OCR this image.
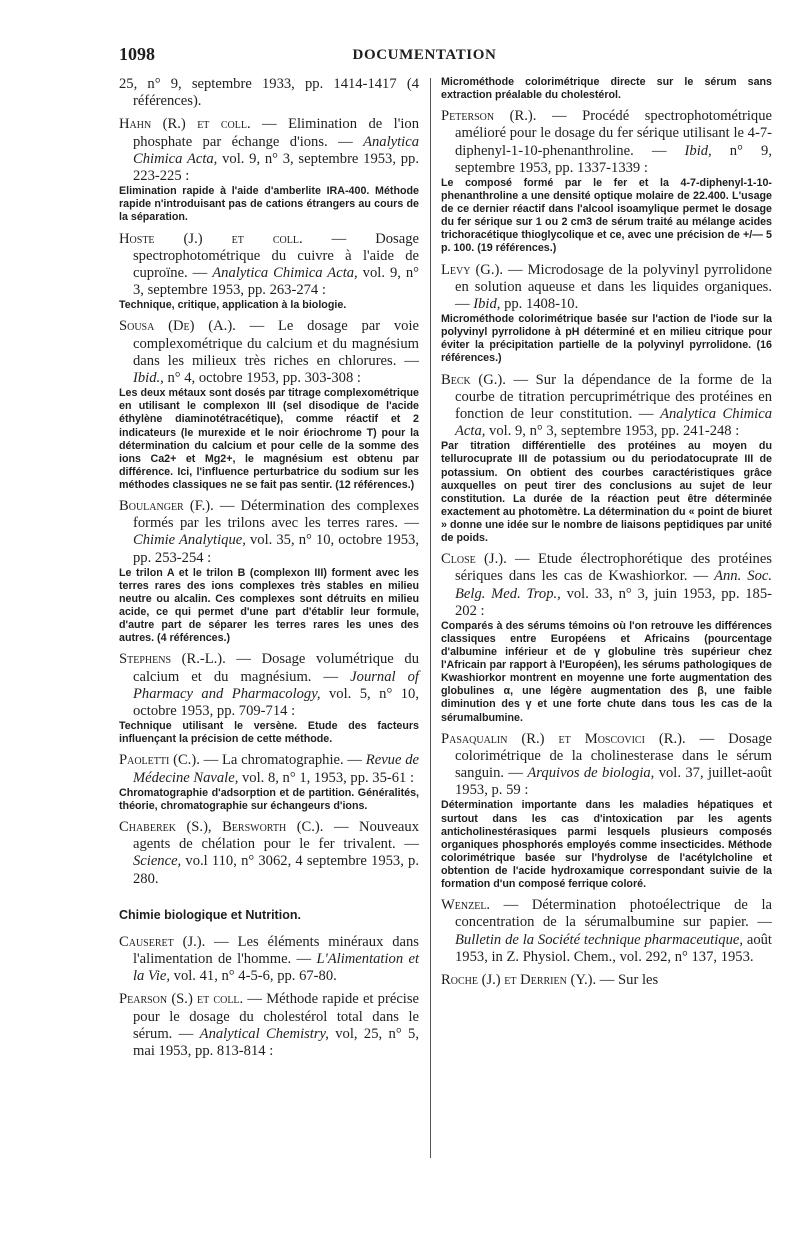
1098	DOCUMENTATION

25, n° 9, septembre 1933, pp. 1414-1417 (4 références).

Hahn (R.) et coll. — Elimination de l'ion phosphate par échange d'ions. — Analytica Chimica Acta, vol. 9, n° 3, septembre 1953, pp. 223-225 :

Elimination rapide à l'aide d'amberlite IRA-400. Méthode rapide n'introduisant pas de cations étrangers au cours de la séparation.

Hoste (J.) et coll. — Dosage spectrophotométrique du cuivre à l'aide de cuproïne. — Analytica Chimica Acta, vol. 9, n° 3, septembre 1953, pp. 263-274 :

Technique, critique, application à la biologie.

Sousa (De) (A.). — Le dosage par voie complexométrique du calcium et du magnésium dans les milieux très riches en chlorures. — Ibid., n° 4, octobre 1953, pp. 303-308 :

Les deux métaux sont dosés par titrage complexométrique en utilisant le complexon III (sel disodique de l'acide éthylène diaminotétracétique), comme réactif et 2 indicateurs (le murexide et le noir ériochrome T) pour la détermination du calcium et pour celle de la somme des ions Ca2+ et Mg2+, le magnésium est obtenu par différence. Ici, l'influence perturbatrice du sodium sur les méthodes classiques ne se fait pas sentir. (12 références.)

Boulanger (F.). — Détermination des complexes formés par les trilons avec les terres rares. — Chimie Analytique, vol. 35, n° 10, octobre 1953, pp. 253-254 :

Le trilon A et le trilon B (complexon III) forment avec les terres rares des ions complexes très stables en milieu neutre ou alcalin. Ces complexes sont détruits en milieu acide, ce qui permet d'une part d'établir leur formule, d'autre part de séparer les terres rares les unes des autres. (4 références.)

Stephens (R.-L.). — Dosage volumétrique du calcium et du magnésium. — Journal of Pharmacy and Pharmacology, vol. 5, n° 10, octobre 1953, pp. 709-714 :

Technique utilisant le versène. Etude des facteurs influençant la précision de cette méthode.

Paoletti (C.). — La chromatographie. — Revue de Médecine Navale, vol. 8, n° 1, 1953, pp. 35-61 :

Chromatographie d'adsorption et de partition. Généralités, théorie, chromatographie sur échangeurs d'ions.

Chaberek (S.), Bersworth (C.). — Nouveaux agents de chélation pour le fer trivalent. — Science, vo.l 110, n° 3062, 4 septembre 1953, p. 280.

Chimie biologique et Nutrition.

Causeret (J.). — Les éléments minéraux dans l'alimentation de l'homme. — L'Alimentation et la Vie, vol. 41, n° 4-5-6, pp. 67-80.

Pearson (S.) et coll. — Méthode rapide et précise pour le dosage du cholestérol total dans le sérum. — Analytical Chemistry, vol, 25, n° 5, mai 1953, pp. 813-814 :

Microméthode colorimétrique directe sur le sérum sans extraction préalable du cholestérol.

Peterson (R.). — Procédé spectrophotométrique amélioré pour le dosage du fer sérique utilisant le 4-7-diphenyl-1-10-phenanthroline. — Ibid, n° 9, septembre 1953, pp. 1337-1339 :

Le composé formé par le fer et la 4-7-diphenyl-1-10-phenanthroline a une densité optique molaire de 22.400. L'usage de ce dernier réactif dans l'alcool isoamylique permet le dosage du fer sérique sur 1 ou 2 cm3 de sérum traité au mélange acides trichoracétique thioglycolique et ce, avec une précision de +/— 5 p. 100. (19 références.)

Levy (G.). — Microdosage de la polyvinyl pyrrolidone en solution aqueuse et dans les liquides organiques. — Ibid, pp. 1408-10.

Microméthode colorimétrique basée sur l'action de l'iode sur la polyvinyl pyrrolidone à pH déterminé et en milieu citrique pour éviter la précipitation partielle de la polyvinyl pyrrolidone. (16 références.)

Beck (G.). — Sur la dépendance de la forme de la courbe de titration percuprimétrique des protéines en fonction de leur constitution. — Analytica Chimica Acta, vol. 9, n° 3, septembre 1953, pp. 241-248 :

Par titration différentielle des protéines au moyen du tellurocuprate III de potassium ou du periodatocuprate III de potassium. On obtient des courbes caractéristiques grâce auxquelles on peut tirer des conclusions au sujet de leur constitution. La durée de la réaction peut être déterminée exactement au photomètre. La détermination du « point de biuret » donne une idée sur le nombre de liaisons peptidiques par unité de poids.

Close (J.). — Etude électrophorétique des protéines sériques dans les cas de Kwashiorkor. — Ann. Soc. Belg. Med. Trop., vol. 33, n° 3, juin 1953, pp. 185-202 :

Comparés à des sérums témoins où l'on retrouve les différences classiques entre Européens et Africains (pourcentage d'albumine inférieur et de γ globuline très supérieur chez l'Africain par rapport à l'Européen), les sérums pathologiques de Kwashiorkor montrent en moyenne une forte augmentation des globulines α, une légère augmentation des β, une faible diminution des γ et une forte chute dans tous les cas de la sérumalbumine.

Pasaqualin (R.) et Moscovici (R.). — Dosage colorimétrique de la cholinesterase dans le sérum sanguin. — Arquivos de biologia, vol. 37, juillet-août 1953, p. 59 :

Détermination importante dans les maladies hépatiques et surtout dans les cas d'intoxication par les agents anticholinestérasiques parmi lesquels plusieurs composés organiques phosphorés employés comme insecticides. Méthode colorimétrique basée sur l'hydrolyse de l'acétylcholine et obtention de l'acide hydroxamique correspondant suivie de la formation d'un composé ferrique coloré.

Wenzel. — Détermination photoélectrique de la concentration de la sérumalbumine sur papier. — Bulletin de la Société technique pharmaceutique, août 1953, in Z. Physiol. Chem., vol. 292, n° 137, 1953.

Roche (J.) et Derrien (Y.). — Sur les
